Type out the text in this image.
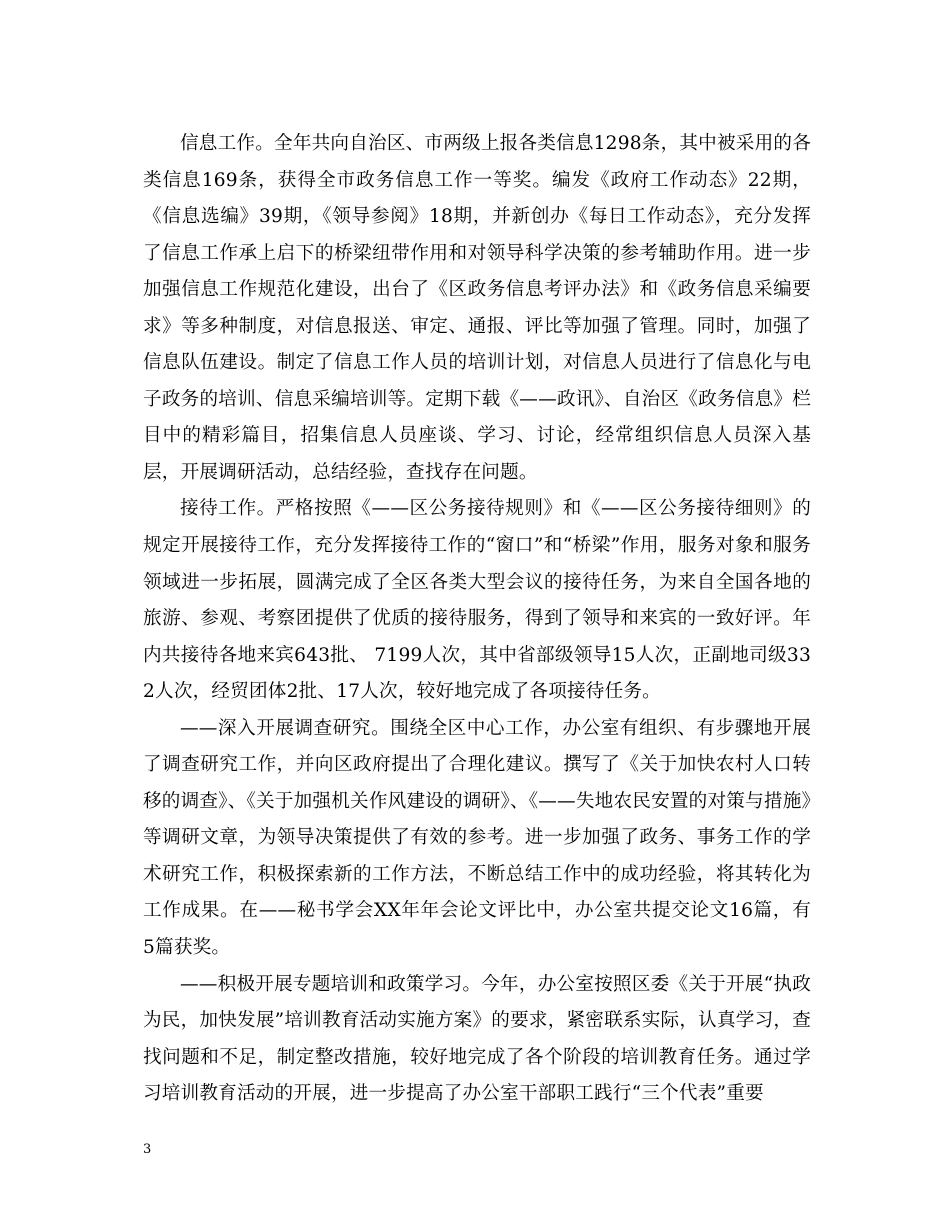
信息工作。全年共向自治区、市两级上报各类信息1298条，其中被采用的各类信息169条，获得全市政务信息工作一等奖。编发《政府工作动态》22期，《信息选编》39期，《领导参阅》18期，并新创办《每日工作动态》，充分发挥了信息工作承上启下的桥梁纽带作用和对领导科学决策的参考辅助作用。进一步加强信息工作规范化建设，出台了《区政务信息考评办法》和《政务信息采编要求》等多种制度，对信息报送、审定、通报、评比等加强了管理。同时，加强了信息队伍建设。制定了信息工作人员的培训计划，对信息人员进行了信息化与电子政务的培训、信息采编培训等。定期下载《——政讯》、自治区《政务信息》栏目中的精彩篇目，招集信息人员座谈、学习、讨论，经常组织信息人员深入基层，开展调研活动，总结经验，查找存在问题。

接待工作。严格按照《——区公务接待规则》和《——区公务接待细则》的规定开展接待工作，充分发挥接待工作的“窗口”和“桥梁”作用，服务对象和服务领域进一步拓展，圆满完成了全区各类大型会议的接待任务，为来自全国各地的旅游、参观、考察团提供了优质的接待服务，得到了领导和来宾的一致好评。年内共接待各地来宾643批、 7199人次，其中省部级领导15人次，正副地司级332人次，经贸团体2批、17人次，较好地完成了各项接待任务。

——深入开展调查研究。围绕全区中心工作，办公室有组织、有步骤地开展了调查研究工作，并向区政府提出了合理化建议。撰写了《关于加快农村人口转移的调查》、《关于加强机关作风建设的调研》、《——失地农民安置的对策与措施》等调研文章，为领导决策提供了有效的参考。进一步加强了政务、事务工作的学术研究工作，积极探索新的工作方法，不断总结工作中的成功经验，将其转化为工作成果。在——秘书学会XX年年会论文评比中，办公室共提交论文16篇，有 5篇获奖。

——积极开展专题培训和政策学习。今年，办公室按照区委《关于开展“执政为民，加快发展”培训教育活动实施方案》的要求，紧密联系实际，认真学习，查找问题和不足，制定整改措施，较好地完成了各个阶段的培训教育任务。通过学习培训教育活动的开展，进一步提高了办公室干部职工践行“三个代表”重要

3
